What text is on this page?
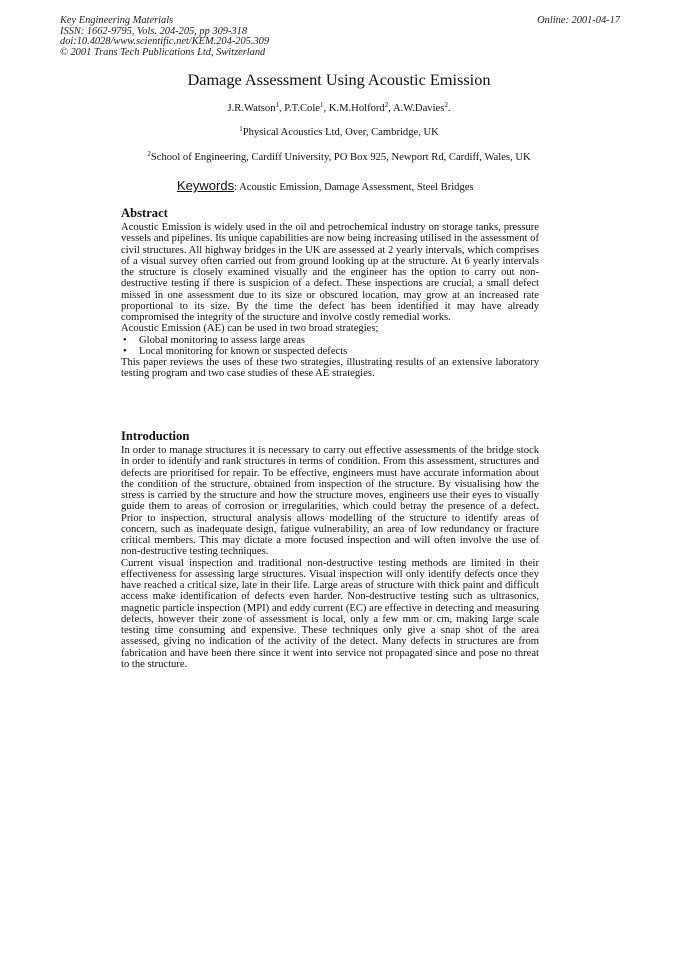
Key Engineering Materials
ISSN: 1662-9795, Vols. 204-205, pp 309-318
doi:10.4028/www.scientific.net/KEM.204-205.309
© 2001 Trans Tech Publications Ltd, Switzerland
Online: 2001-04-17
Damage Assessment Using Acoustic Emission
J.R.Watson$^1$, P.T.Cole$^1$, K.M.Holford$^2$, A.W.Davies$^2$.
$^1$Physical Acoustics Ltd, Over, Cambridge, UK
$^2$School of Engineering, Cardiff University, PO Box 925, Newport Rd, Cardiff, Wales, UK
Keywords: Acoustic Emission, Damage Assessment, Steel Bridges
Abstract

Acoustic Emission is widely used in the oil and petrochemical industry on storage tanks, pressure vessels and pipelines. Its unique capabilities are now being increasing utilised in the assessment of civil structures. All highway bridges in the UK are assessed at 2 yearly intervals, which comprises of a visual survey often carried out from ground looking up at the structure. At 6 yearly intervals the structure is closely examined visually and the engineer has the option to carry out non-destructive testing if there is suspicion of a defect. These inspections are crucial, a small defect missed in one assessment due to its size or obscured location, may grow at an increased rate proportional to its size. By the time the defect has been identified it may have already compromised the integrity of the structure and involve costly remedial works.

Acoustic Emission (AE) can be used in two broad strategies;

• Global monitoring to assess large areas
• Local monitoring for known or suspected defects

This paper reviews the uses of these two strategies, illustrating results of an extensive laboratory testing program and two case studies of these AE strategies.

Introduction

In order to manage structures it is necessary to carry out effective assessments of the bridge stock in order to identify and rank structures in terms of condition. From this assessment, structures and defects are prioritised for repair. To be effective, engineers must have accurate information about the condition of the structure, obtained from inspection of the structure. By visualising how the stress is carried by the structure and how the structure moves, engineers use their eyes to visually guide them to areas of corrosion or irregularities, which could betray the presence of a defect. Prior to inspection, structural analysis allows modelling of the structure to identify areas of concern, such as inadequate design, fatigue vulnerability, an area of low redundancy or fracture critical members. This may dictate a more focused inspection and will often involve the use of non-destructive testing techniques.

Current visual inspection and traditional non-destructive testing methods are limited in their effectiveness for assessing large structures. Visual inspection will only identify defects once they have reached a critical size, late in their life. Large areas of structure with thick paint and difficult access make identification of defects even harder. Non-destructive testing such as ultrasonics, magnetic particle inspection (MPI) and eddy current (EC) are effective in detecting and measuring defects, however their zone of assessment is local, only a few mm or cm, making large scale testing time consuming and expensive. These techniques only give a snap shot of the area assessed, giving no indication of the activity of the detect. Many defects in structures are from fabrication and have been there since it went into service not propagated since and pose no threat to the structure.
